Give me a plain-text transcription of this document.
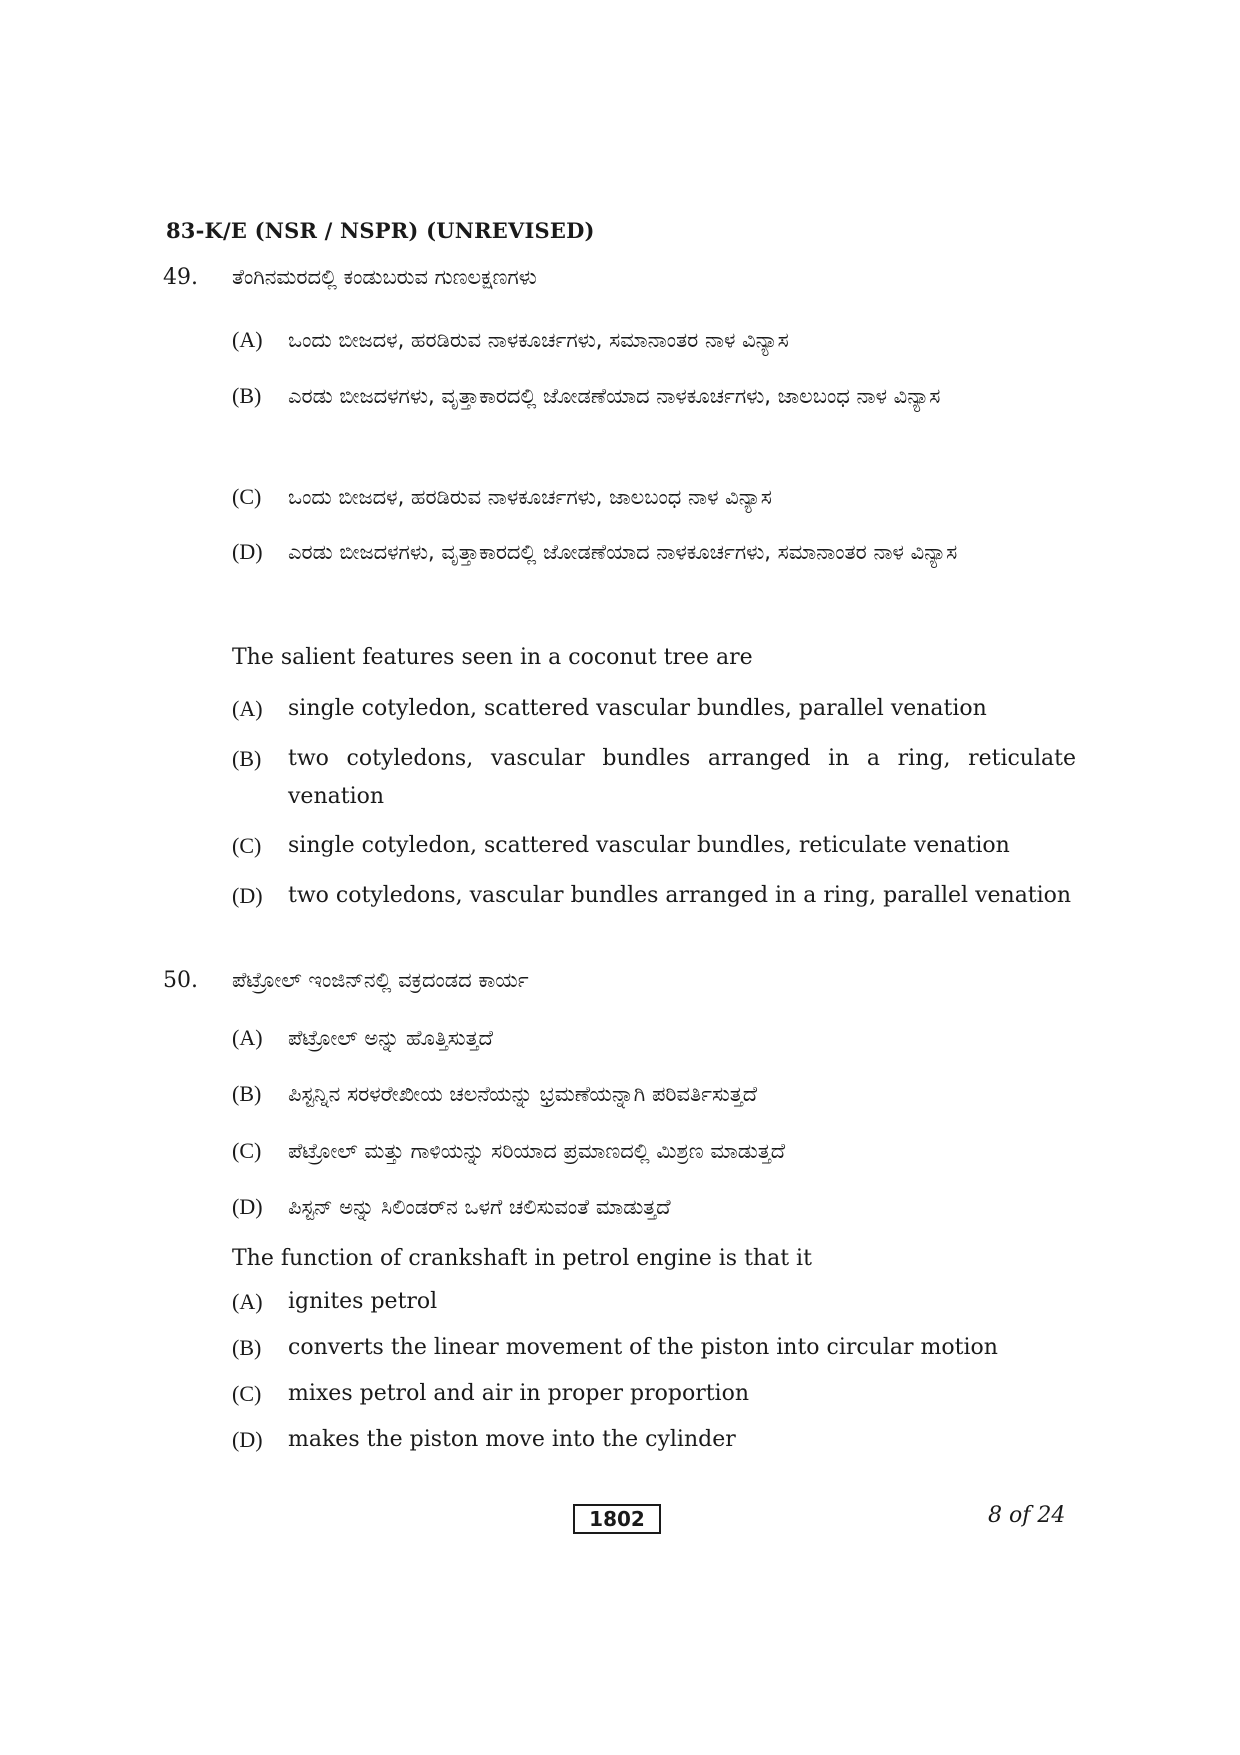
83-K/E (NSR / NSPR) (UNREVISED)
49. ತೆಂಗಿನಮರದಲ್ಲಿ ಕಂಡುಬರುವ ಗುಣಲಕ್ಷಣಗಳು
(A)	ಒಂದು ಬೀಜದಳ, ಹರಡಿರುವ ನಾಳಕೂರ್ಚಗಳು, ಸಮಾನಾಂತರ ನಾಳ ವಿನ್ಯಾಸ
(B)	ಎರಡು ಬೀಜದಳಗಳು, ವೃತ್ತಾಕಾರದಲ್ಲಿ ಜೋಡಣೆಯಾದ ನಾಳಕೂರ್ಚಗಳು, ಜಾಲಬಂಧ ನಾಳ ವಿನ್ಯಾಸ
(C)	ಒಂದು ಬೀಜದಳ, ಹರಡಿರುವ ನಾಳಕೂರ್ಚಗಳು, ಜಾಲಬಂಧ ನಾಳ ವಿನ್ಯಾಸ
(D)	ಎರಡು ಬೀಜದಳಗಳು, ವೃತ್ತಾಕಾರದಲ್ಲಿ ಜೋಡಣೆಯಾದ ನಾಳಕೂರ್ಚಗಳು, ಸಮಾನಾಂತರ ನಾಳ ವಿನ್ಯಾಸ
The salient features seen in a coconut tree are
(A)	single cotyledon, scattered vascular bundles, parallel venation
(B)	two cotyledons, vascular bundles arranged in a ring, reticulate venation
(C)	single cotyledon, scattered vascular bundles, reticulate venation
(D)	two cotyledons, vascular bundles arranged in a ring, parallel venation
50. ಪೆಟ್ರೋಲ್ ಇಂಜಿನ್‌ನಲ್ಲಿ ವಕ್ರದಂಡದ ಕಾರ್ಯ
(A)	ಪೆಟ್ರೋಲ್ ಅನ್ನು ಹೊತ್ತಿಸುತ್ತದೆ
(B)	ಪಿಸ್ಟನ್ನಿನ ಸರಳರೇಖೀಯ ಚಲನೆಯನ್ನು ಭ್ರಮಣೆಯನ್ನಾಗಿ ಪರಿವರ್ತಿಸುತ್ತದೆ
(C)	ಪೆಟ್ರೋಲ್ ಮತ್ತು ಗಾಳಿಯನ್ನು ಸರಿಯಾದ ಪ್ರಮಾಣದಲ್ಲಿ ಮಿಶ್ರಣ ಮಾಡುತ್ತದೆ
(D)	ಪಿಸ್ಟನ್ ಅನ್ನು ಸಿಲಿಂಡರ್‌ನ ಒಳಗೆ ಚಲಿಸುವಂತೆ ಮಾಡುತ್ತದೆ
The function of crankshaft in petrol engine is that it
(A)	ignites petrol
(B)	converts the linear movement of the piston into circular motion
(C)	mixes petrol and air in proper proportion
(D)	makes the piston move into the cylinder
1802	8 of 24
